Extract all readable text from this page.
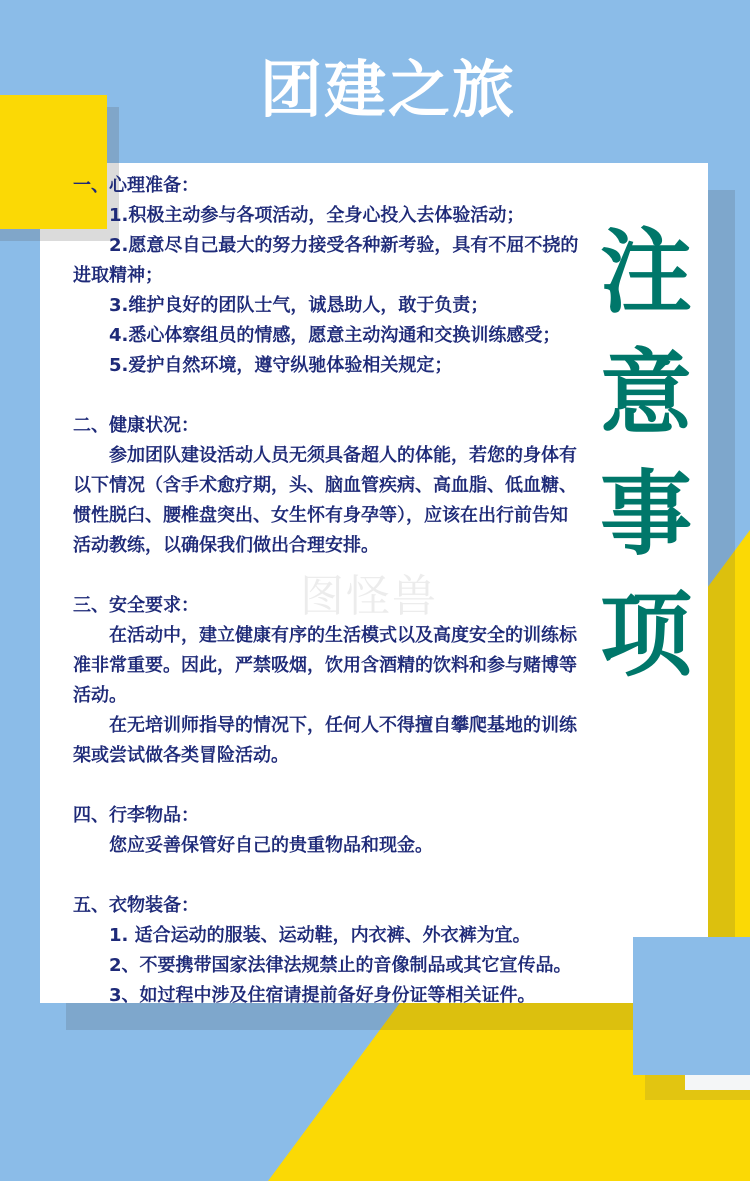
团建之旅
图怪兽
注
意
事
项
一、心理准备：
1.积极主动参与各项活动，全身心投入去体验活动；
2.愿意尽自己最大的努力接受各种新考验，具有不屈不挠的进取精神；
3.维护良好的团队士气，诚恳助人，敢于负责；
4.悉心体察组员的情感，愿意主动沟通和交换训练感受；
5.爱护自然环境，遵守纵驰体验相关规定；
二、健康状况：
参加团队建设活动人员无须具备超人的体能，若您的身体有以下情况（含手术愈疗期，头、脑血管疾病、高血脂、低血糖、惯性脱臼、腰椎盘突出、女生怀有身孕等），应该在出行前告知活动教练，以确保我们做出合理安排。
三、安全要求：
在活动中，建立健康有序的生活模式以及高度安全的训练标准非常重要。因此，严禁吸烟，饮用含酒精的饮料和参与赌博等活动。
在无培训师指导的情况下，任何人不得擅自攀爬基地的训练架或尝试做各类冒险活动。
四、行李物品：
您应妥善保管好自己的贵重物品和现金。
五、衣物装备：
1. 适合运动的服装、运动鞋，内衣裤、外衣裤为宜。
2、不要携带国家法律法规禁止的音像制品或其它宣传品。
3、如过程中涉及住宿请提前备好身份证等相关证件。
